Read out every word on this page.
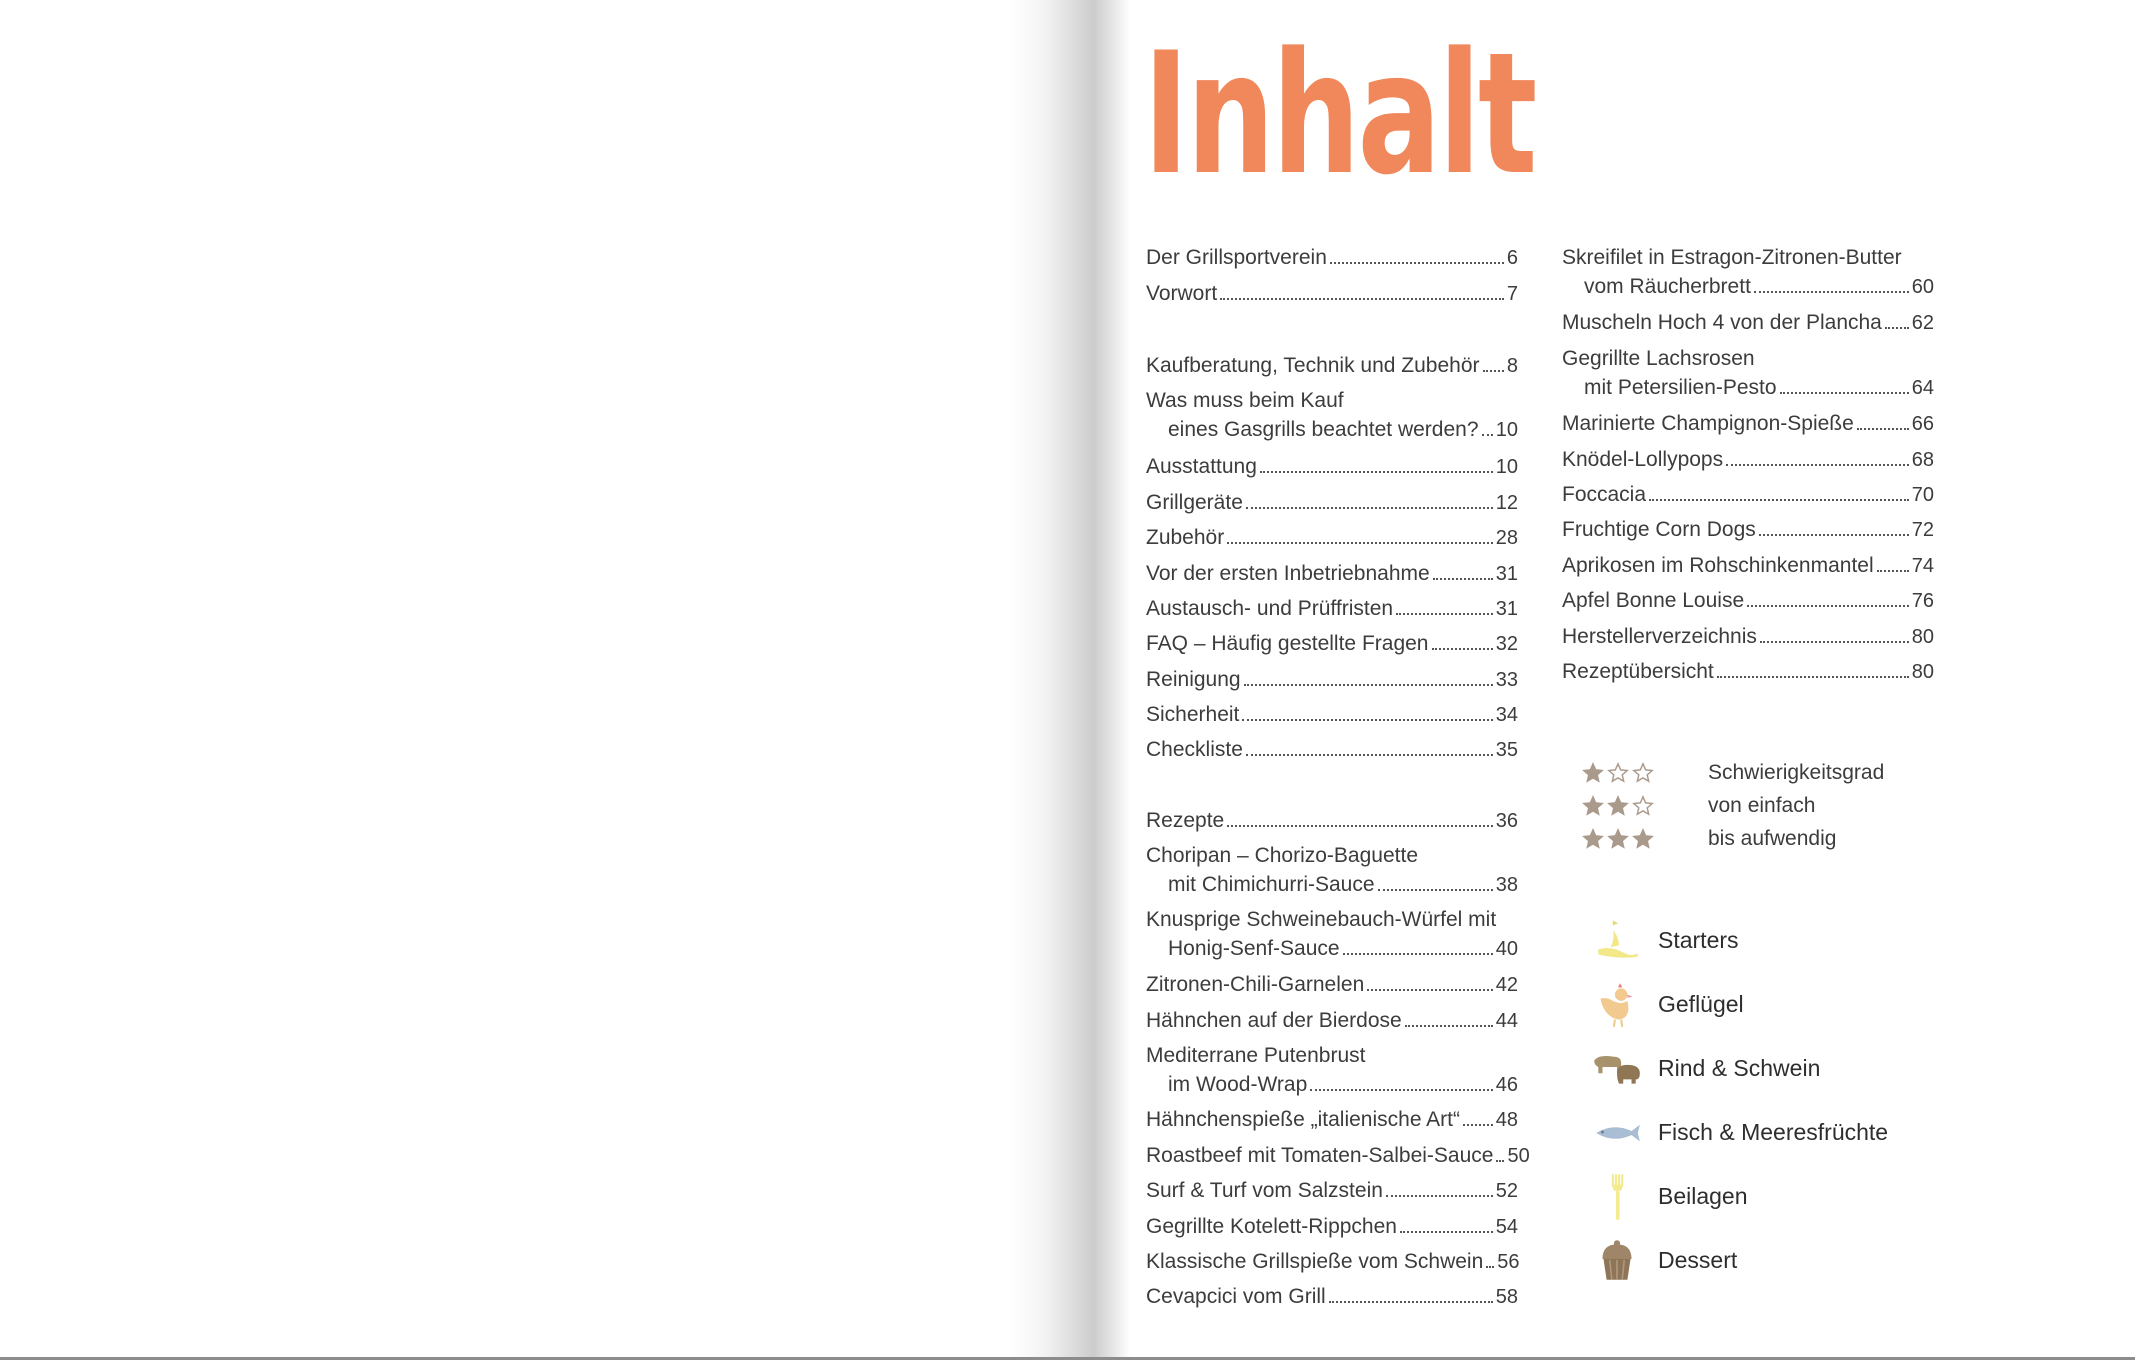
Inhalt
Der Grillsportverein	6
Vorwort	7
Kaufberatung, Technik und Zubehör 8
Was muss beim Kauf
eines Gasgrills beachtet werden? 10
Ausstattung	10
Grillgeräte	12
Zubehör	28
Vor der ersten Inbetriebnahme	31
Austausch- und Prüffristen	31
FAQ – Häufig gestellte Fragen	32
Reinigung	33
Sicherheit	34
Checkliste	35
Rezepte	36
Choripan – Chorizo-Baguette
mit Chimichurri-Sauce	38
Knusprige Schweinebauch-Würfel mit
Honig-Senf-Sauce	40
Zitronen-Chili-Garnelen	42
Hähnchen auf der Bierdose	44
Mediterrane Putenbrust
im Wood-Wrap	46
Hähnchenspieße „italienische Art“ 48
Roastbeef mit Tomaten-Salbei-Sauce 50
Surf & Turf vom Salzstein	52
Gegrillte Kotelett-Rippchen	54
Klassische Grillspieße vom Schwein 56
Cevapcici vom Grill	58
Skreifilet in Estragon-Zitronen-Butter
vom Räucherbrett	60
Muscheln Hoch 4 von der Plancha 62
Gegrillte Lachsrosen
mit Petersilien-Pesto	64
Marinierte Champignon-Spieße	66
Knödel-Lollypops	68
Foccacia	70
Fruchtige Corn Dogs	72
Aprikosen im Rohschinkenmantel 74
Apfel Bonne Louise	76
Herstellerverzeichnis	80
Rezeptübersicht	80
Schwierigkeitsgrad
von einfach
bis aufwendig
Starters
Geflügel
Rind & Schwein
Fisch & Meeresfrüchte
Beilagen
Dessert
